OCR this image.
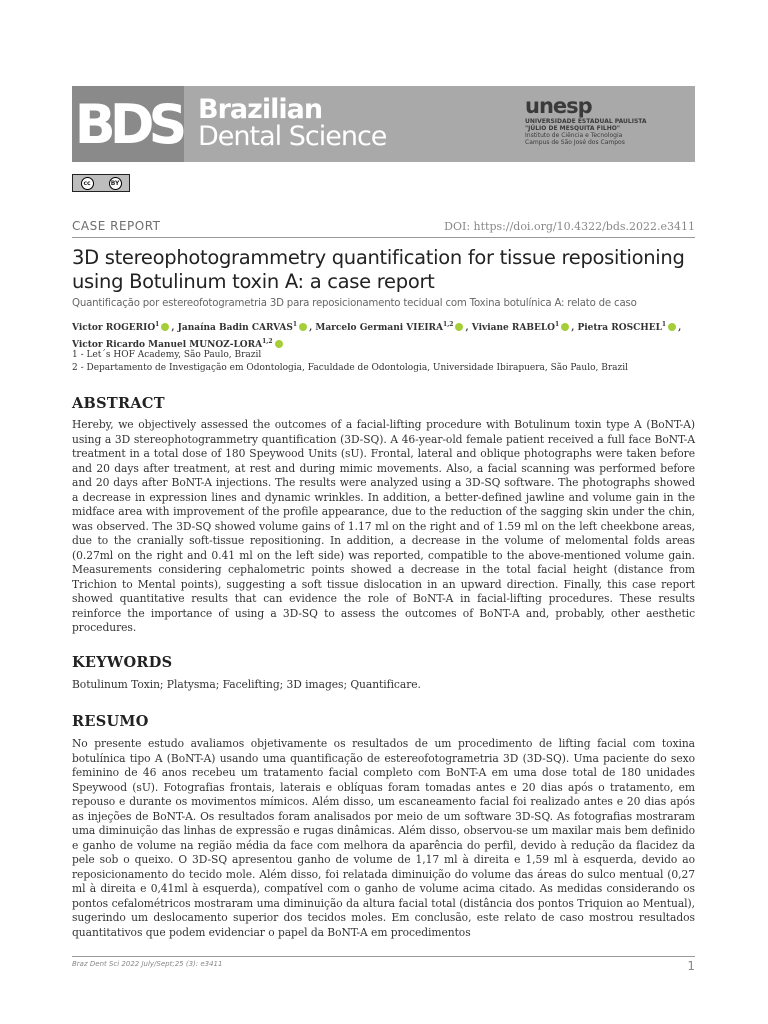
BDS Brazilian
Dental Science
unesp
UNIVERSIDADE ESTADUAL PAULISTA
"JÚLIO DE MESQUITA FILHO"
Instituto de Ciência e Tecnologia
Campus de São José dos Campos
cc	BY
CASE REPORT	DOI: https://doi.org/10.4322/bds.2022.e3411
3D stereophotogrammetry quantification for tissue repositioning using Botulinum toxin A: a case report
Quantificação por estereofotogrametria 3D para reposicionamento tecidual com Toxina botulínica A: relato de caso
Victor ROGERIO$^1$ , Janaína Badin CARVAS$^1$ , Marcelo Germani VIEIRA$^{1,2}$ , Viviane RABELO$^1$ , Pietra ROSCHEL$^1$ ,
Victor Ricardo Manuel MUNOZ-LORA$^{1,2}$
1 - Let´s HOF Academy, São Paulo, Brazil
2 - Departamento de Investigação em Odontologia, Faculdade de Odontologia, Universidade Ibirapuera, São Paulo, Brazil
ABSTRACT

Hereby, we objectively assessed the outcomes of a facial-lifting procedure with Botulinum toxin type A (BoNT-A) using a 3D stereophotogrammetry quantification (3D-SQ). A 46-year-old female patient received a full face BoNT-A treatment in a total dose of 180 Speywood Units (sU). Frontal, lateral and oblique photographs were taken before and 20 days after treatment, at rest and during mimic movements. Also, a facial scanning was performed before and 20 days after BoNT-A injections. The results were analyzed using a 3D-SQ software. The photographs showed a decrease in expression lines and dynamic wrinkles. In addition, a better-defined jawline and volume gain in the midface area with improvement of the profile appearance, due to the reduction of the sagging skin under the chin, was observed. The 3D-SQ showed volume gains of 1.17 ml on the right and of 1.59 ml on the left cheekbone areas, due to the cranially soft-tissue repositioning. In addition, a decrease in the volume of melomental folds areas (0.27ml on the right and 0.41 ml on the left side) was reported, compatible to the above-mentioned volume gain. Measurements considering cephalometric points showed a decrease in the total facial height (distance from Trichion to Mental points), suggesting a soft tissue dislocation in an upward direction. Finally, this case report showed quantitative results that can evidence the role of BoNT-A in facial-lifting procedures. These results reinforce the importance of using a 3D-SQ to assess the outcomes of BoNT-A and, probably, other aesthetic procedures.

KEYWORDS

Botulinum Toxin; Platysma; Facelifting; 3D images; Quantificare.

RESUMO

No presente estudo avaliamos objetivamente os resultados de um procedimento de lifting facial com toxina botulínica tipo A (BoNT-A) usando uma quantificação de estereofotogrametria 3D (3D-SQ). Uma paciente do sexo feminino de 46 anos recebeu um tratamento facial completo com BoNT-A em uma dose total de 180 unidades Speywood (sU). Fotografias frontais, laterais e oblíquas foram tomadas antes e 20 dias após o tratamento, em repouso e durante os movimentos mímicos. Além disso, um escaneamento facial foi realizado antes e 20 dias após as injeções de BoNT-A. Os resultados foram analisados por meio de um software 3D-SQ. As fotografias mostraram uma diminuição das linhas de expressão e rugas dinâmicas. Além disso, observou-se um maxilar mais bem definido e ganho de volume na região média da face com melhora da aparência do perfil, devido à redução da flacidez da pele sob o queixo. O 3D-SQ apresentou ganho de volume de 1,17 ml à direita e 1,59 ml à esquerda, devido ao reposicionamento do tecido mole. Além disso, foi relatada diminuição do volume das áreas do sulco mentual (0,27 ml à direita e 0,41ml à esquerda), compatível com o ganho de volume acima citado. As medidas considerando os pontos cefalométricos mostraram uma diminuição da altura facial total (distância dos pontos Triquion ao Mentual), sugerindo um deslocamento superior dos tecidos moles. Em conclusão, este relato de caso mostrou resultados quantitativos que podem evidenciar o papel da BoNT-A em procedimentos

Braz Dent Sci 2022 July/Sept;25 (3): e3411	1
